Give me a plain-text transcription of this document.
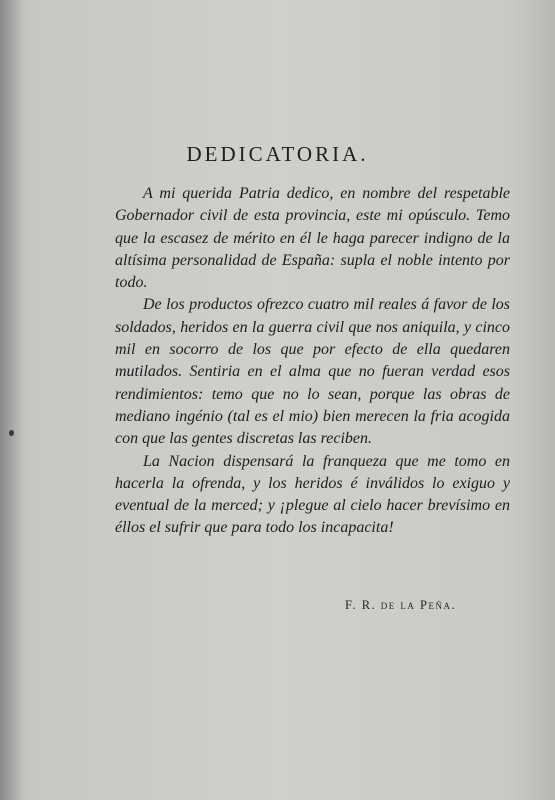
DEDICATORIA.

A mi querida Patria dedico, en nombre del respetable Gobernador civil de esta provincia, este mi opúsculo. Temo que la escasez de mérito en él le haga parecer indigno de la altísima personalidad de España: supla el noble intento por todo.

De los productos ofrezco cuatro mil reales á favor de los soldados, heridos en la guerra civil que nos aniquila, y cinco mil en socorro de los que por efecto de ella quedaren mutilados. Sentiria en el alma que no fueran verdad esos rendimientos: temo que no lo sean, porque las obras de mediano ingénio (tal es el mio) bien merecen la fria acogida con que las gentes discretas las reciben.

La Nacion dispensará la franqueza que me tomo en hacerla la ofrenda, y los heridos é inválidos lo exiguo y eventual de la merced; y ¡plegue al cielo hacer brevísimo en éllos el sufrir que para todo los incapacita!

F. R. de la Peña.
